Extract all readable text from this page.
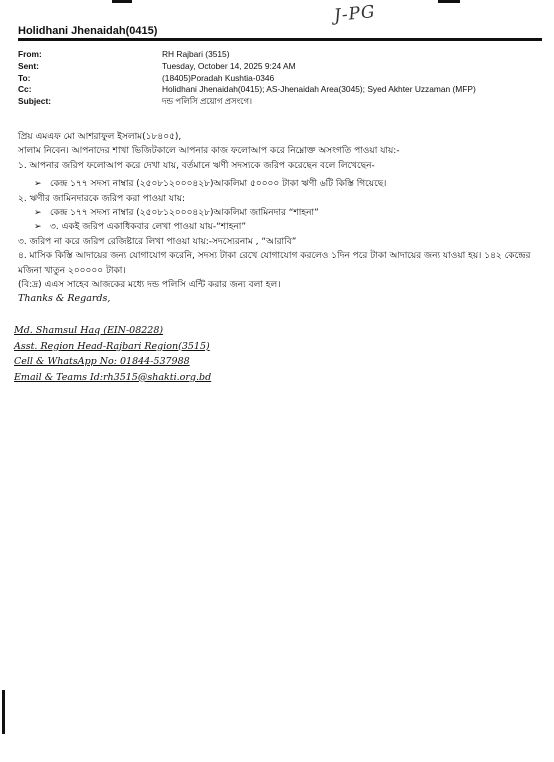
J-PG
Holidhani Jhenaidah(0415)
From:	RH Rajbari (3515)
Sent:	Tuesday, October 14, 2025 9:24 AM
To:	(18405)Poradah Kushtia-0346
Cc:	Holidhani Jhenaidah(0415); AS-Jhenaidah Area(3045); Syed Akhter Uzzaman (MFP)
Subject:	দন্ড পলিসি প্রয়োগ প্রসংগে।

প্রিয় এমএফ মো আশরাফুল ইসলাম(১৮৪০৫),

সালাম নিবেন। আপনাদের শাখা ভিজিটকালে আপনার কাজ ফলোআপ করে নিম্নোক্ত অসংগতি পাওয়া যায়:-

১. আপনার জরিপ ফলোআপ করে দেখা যায়, বর্তমানে ঋণী সদস্যকে জরিপ করেছেন বলে লিখেছেন-

➢ কেন্দ্র ১৭৭ সদস্য নাম্বার (২৫০৮১২০০০৪২৮)আকলিমা ৫০০০০ টাকা ঋণী ৬টি কিস্তি গিয়েছে।

২. ঋণীর জামিনদারকে জরিপ করা পাওয়া যায়:

➢ কেন্দ্র ১৭৭ সদস্য নাম্বার (২৫০৮১২০০০৪২৮)আকলিমা জামিনদার “শাহনা”
➢ ৩. একই জরিপ একাধিকবার লেখা পাওয়া যায়-“শাহনা”

৩. জরিপ না করে জরিপ রেজিষ্টারে লিখা পাওয়া যায়:-সদস্যেরনাম , “আরাবি”

৪. মাসিক কিস্তি আদায়ের জন্য যোগাযোগ করেনি, সদস্য টাকা রেখে যোগাযোগ করলেও ১দিন পরে টাকা আদায়ের জন্য যাওয়া হয়। ১৪২ কেন্দ্রের মজিনা খাতুন ২০০০০০ টাকা।

(বি:দ্র) এএস সাহেব আজকের মধ্যে দন্ড পলিসি এন্টি করার জন্য বলা হল।

Thanks & Regards,
Md. Shamsul Haq (EIN-08228)
Asst. Region Head-Rajbari Region(3515)
Cell & WhatsApp No: 01844-537988
Email & Teams Id:rh3515@shakti.org.bd
